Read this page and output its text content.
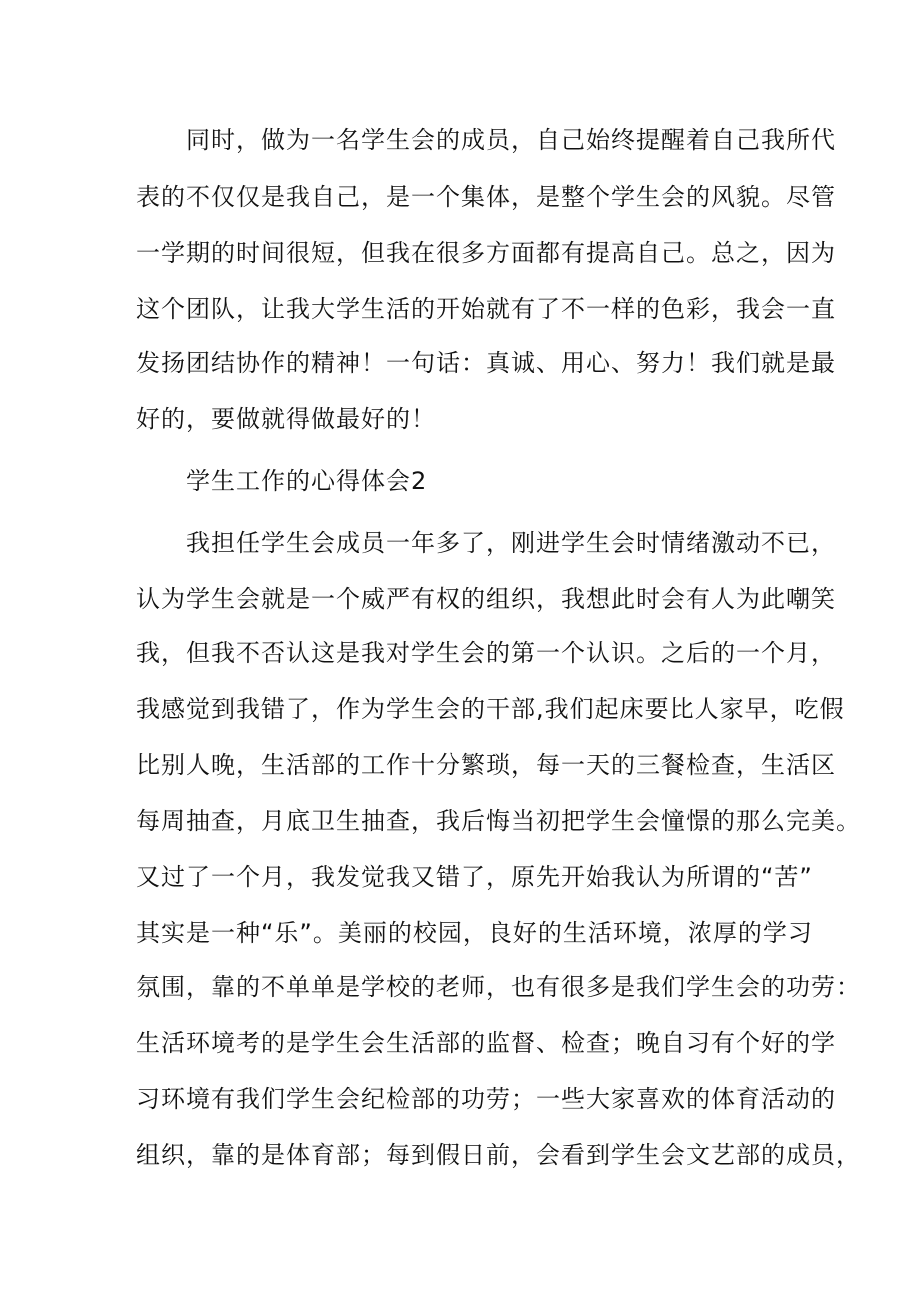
同时，做为一名学生会的成员，自己始终提醒着自己我所代
表的不仅仅是我自己，是一个集体，是整个学生会的风貌。尽管
一学期的时间很短，但我在很多方面都有提高自己。总之，因为
这个团队，让我大学生活的开始就有了不一样的色彩，我会一直
发扬团结协作的精神！一句话：真诚、用心、努力！我们就是最
好的，要做就得做最好的！
学生工作的心得体会2
我担任学生会成员一年多了，刚进学生会时情绪激动不已，
认为学生会就是一个威严有权的组织，我想此时会有人为此嘲笑
我，但我不否认这是我对学生会的第一个认识。之后的一个月，
我感觉到我错了，作为学生会的干部,我们起床要比人家早，吃假
比别人晚，生活部的工作十分繁琐，每一天的三餐检查，生活区
每周抽查，月底卫生抽查，我后悔当初把学生会憧憬的那么完美。
又过了一个月，我发觉我又错了，原先开始我认为所谓的“苦”
其实是一种“乐”。美丽的校园，良好的生活环境，浓厚的学习
氛围，靠的不单单是学校的老师，也有很多是我们学生会的功劳：
生活环境考的是学生会生活部的监督、检查；晚自习有个好的学
习环境有我们学生会纪检部的功劳；一些大家喜欢的体育活动的
组织，靠的是体育部；每到假日前，会看到学生会文艺部的成员，
